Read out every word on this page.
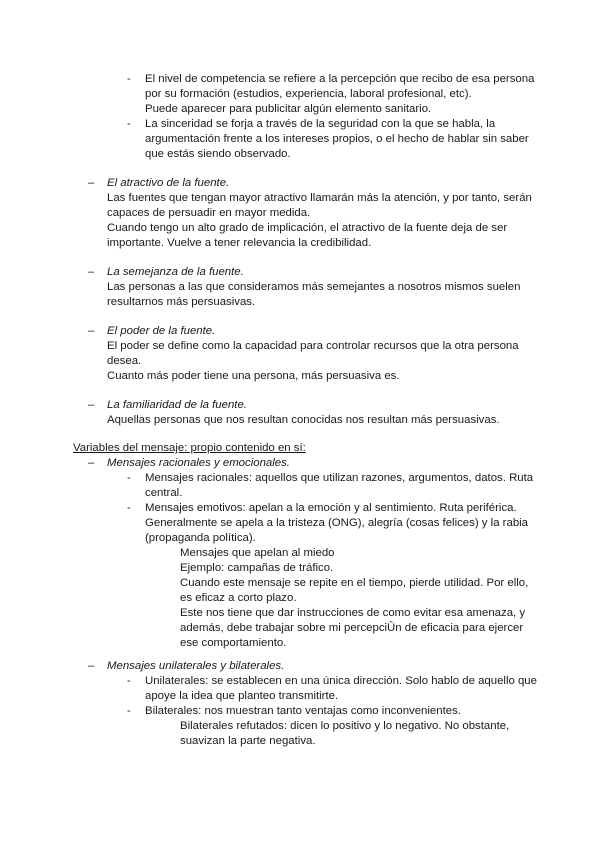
- El nivel de competencia se refiere a la percepción que recibo de esa persona
por su formación (estudios, experiencia, laboral profesional, etc).
Puede aparecer para publicitar algún elemento sanitario.
- La sinceridad se forja a través de la seguridad con la que se habla, la
argumentación frente a los intereses propios, o el hecho de hablar sin saber
que estás siendo observado.
– El atractivo de la fuente.
Las fuentes que tengan mayor atractivo llamarán más la atención, y por tanto, serán
capaces de persuadir en mayor medida.
Cuando tengo un alto grado de implicación, el atractivo de la fuente deja de ser
importante. Vuelve a tener relevancia la credibilidad.
– La semejanza de la fuente.
Las personas a las que consideramos más semejantes a nosotros mismos suelen
resultarnos más persuasivas.
– El poder de la fuente.
El poder se define como la capacidad para controlar recursos que la otra persona
desea.
Cuanto más poder tiene una persona, más persuasiva es.
– La familiaridad de la fuente.
Aquellas personas que nos resultan conocidas nos resultan más persuasivas.
Variables del mensaje: propio contenido en sí:
– Mensajes racionales y emocionales.
- Mensajes racionales: aquellos que utilizan razones, argumentos, datos. Ruta
central.
- Mensajes emotivos: apelan a la emoción y al sentimiento. Ruta periférica.
Generalmente se apela a la tristeza (ONG), alegría (cosas felices) y la rabia
(propaganda política).
Mensajes que apelan al miedo
Ejemplo: campañas de tráfico.
Cuando este mensaje se repite en el tiempo, pierde utilidad. Por ello,
es eficaz a corto plazo.
Este nos tiene que dar instrucciones de como evitar esa amenaza, y
además, debe trabajar sobre mi percepciÛn de eficacia para ejercer
ese comportamiento.
– Mensajes unilaterales y bilaterales.
- Unilaterales: se establecen en una única dirección. Solo hablo de aquello que
apoye la idea que planteo transmitirte.
- Bilaterales: nos muestran tanto ventajas como inconvenientes.
Bilaterales refutados: dicen lo positivo y lo negativo. No obstante,
suavizan la parte negativa.
